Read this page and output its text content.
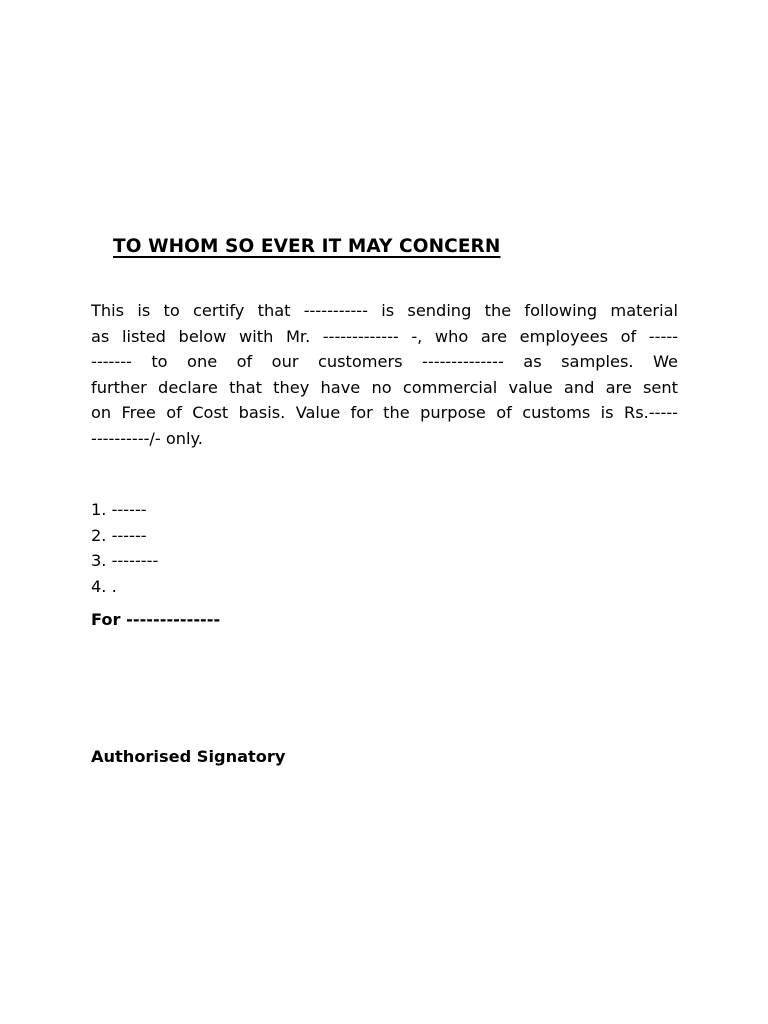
TO WHOM SO EVER IT MAY CONCERN

This is to certify that ----------- is sending the following material
as listed below with Mr. ------------- -, who are employees of -----
------- to one of our customers -------------- as samples. We
further declare that they have no commercial value and are sent
on Free of Cost basis. Value for the purpose of customs is Rs.-----
----------/- only.

1. ------
2. ------
3. --------
4. .

For --------------

Authorised Signatory
